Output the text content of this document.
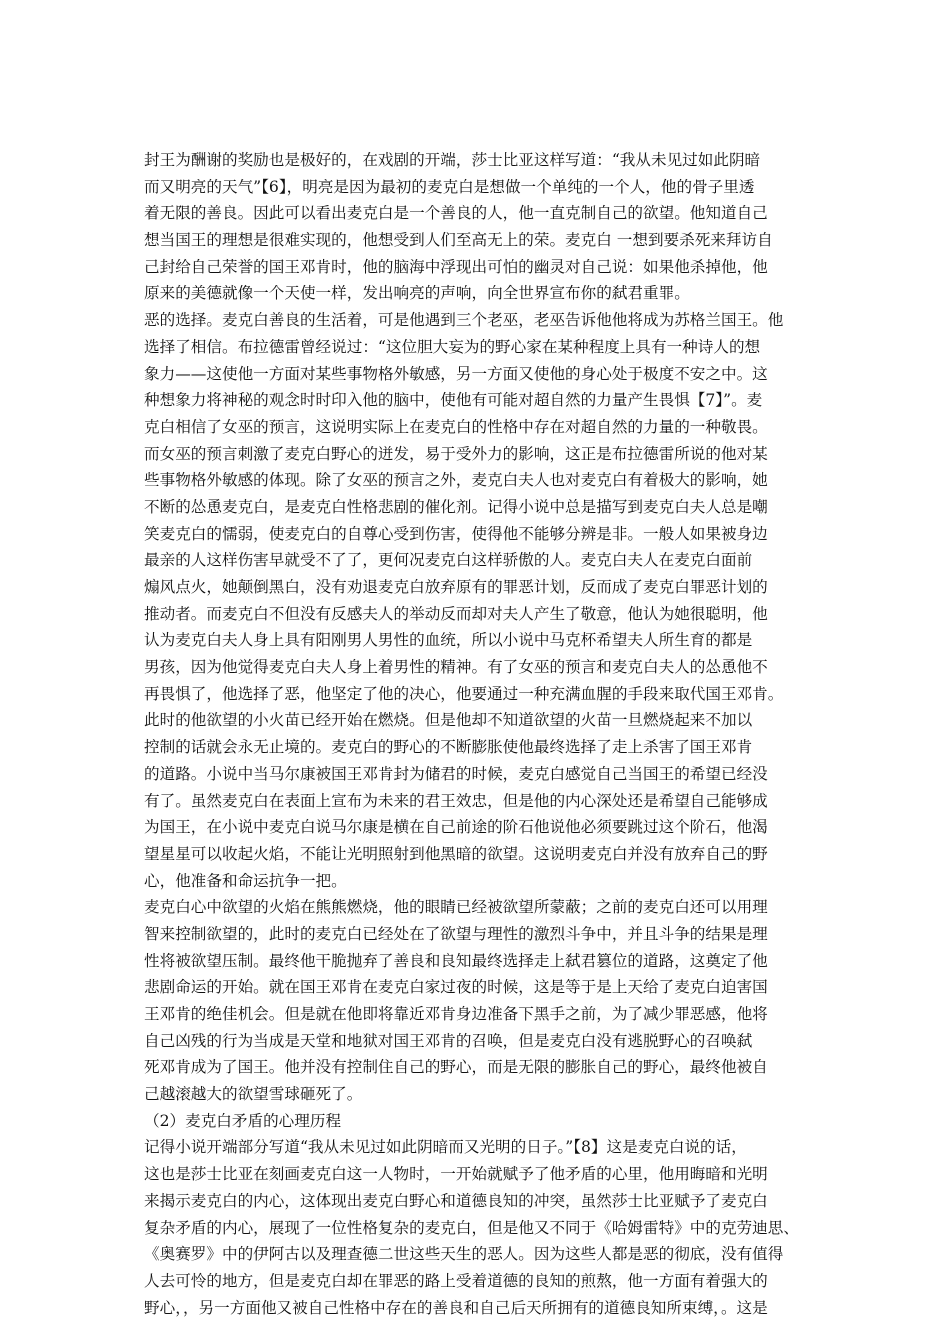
封王为酬谢的奖励也是极好的，在戏剧的开端，莎士比亚这样写道：“我从未见过如此阴暗
而又明亮的天气”【6】，明亮是因为最初的麦克白是想做一个单纯的一个人，他的骨子里透
着无限的善良。因此可以看出麦克白是一个善良的人，他一直克制自己的欲望。他知道自己
想当国王的理想是很难实现的，他想受到人们至高无上的荣。麦克白 一想到要杀死来拜访自
己封给自己荣誉的国王邓肯时，他的脑海中浮现出可怕的幽灵对自己说：如果他杀掉他，他
原来的美德就像一个天使一样，发出响亮的声响，向全世界宣布你的弑君重罪。
恶的选择。麦克白善良的生活着，可是他遇到三个老巫，老巫告诉他他将成为苏格兰国王。他
选择了相信。布拉德雷曾经说过：“这位胆大妄为的野心家在某种程度上具有一种诗人的想
象力——这使他一方面对某些事物格外敏感，另一方面又使他的身心处于极度不安之中。这
种想象力将神秘的观念时时印入他的脑中，使他有可能对超自然的力量产生畏惧【7】”。麦
克白相信了女巫的预言，这说明实际上在麦克白的性格中存在对超自然的力量的一种敬畏。
而女巫的预言刺激了麦克白野心的迸发，易于受外力的影响，这正是布拉德雷所说的他对某
些事物格外敏感的体现。除了女巫的预言之外，麦克白夫人也对麦克白有着极大的影响，她
不断的怂恿麦克白，是麦克白性格悲剧的催化剂。记得小说中总是描写到麦克白夫人总是嘲
笑麦克白的懦弱，使麦克白的自尊心受到伤害，使得他不能够分辨是非。一般人如果被身边
最亲的人这样伤害早就受不了了，更何况麦克白这样骄傲的人。麦克白夫人在麦克白面前
煽风点火，她颠倒黑白，没有劝退麦克白放弃原有的罪恶计划，反而成了麦克白罪恶计划的
推动者。而麦克白不但没有反感夫人的举动反而却对夫人产生了敬意，他认为她很聪明，他
认为麦克白夫人身上具有阳刚男人男性的血统，所以小说中马克杯希望夫人所生育的都是
男孩，因为他觉得麦克白夫人身上着男性的精神。有了女巫的预言和麦克白夫人的怂恿他不
再畏惧了，他选择了恶，他坚定了他的决心，他要通过一种充满血腥的手段来取代国王邓肯。
此时的他欲望的小火苗已经开始在燃烧。但是他却不知道欲望的火苗一旦燃烧起来不加以
控制的话就会永无止境的。麦克白的野心的不断膨胀使他最终选择了走上杀害了国王邓肯
的道路。小说中当马尔康被国王邓肯封为储君的时候，麦克白感觉自己当国王的希望已经没
有了。虽然麦克白在表面上宣布为未来的君王效忠，但是他的内心深处还是希望自己能够成
为国王，在小说中麦克白说马尔康是横在自己前途的阶石他说他必须要跳过这个阶石，他渴
望星星可以收起火焰，不能让光明照射到他黑暗的欲望。这说明麦克白并没有放弃自己的野
心，他准备和命运抗争一把。
麦克白心中欲望的火焰在熊熊燃烧，他的眼睛已经被欲望所蒙蔽；之前的麦克白还可以用理
智来控制欲望的，此时的麦克白已经处在了欲望与理性的激烈斗争中，并且斗争的结果是理
性将被欲望压制。最终他干脆抛弃了善良和良知最终选择走上弑君篡位的道路，这奠定了他
悲剧命运的开始。就在国王邓肯在麦克白家过夜的时候，这是等于是上天给了麦克白迫害国
王邓肯的绝佳机会。但是就在他即将靠近邓肯身边准备下黑手之前，为了减少罪恶感，他将
自己凶残的行为当成是天堂和地狱对国王邓肯的召唤，但是麦克白没有逃脱野心的召唤弑
死邓肯成为了国王。他并没有控制住自己的野心，而是无限的膨胀自己的野心，最终他被自
己越滚越大的欲望雪球砸死了。
（2）麦克白矛盾的心理历程
记得小说开端部分写道“我从未见过如此阴暗而又光明的日子。”【8】这是麦克白说的话，
这也是莎士比亚在刻画麦克白这一人物时，一开始就赋予了他矛盾的心里，他用晦暗和光明
来揭示麦克白的内心，这体现出麦克白野心和道德良知的冲突，虽然莎士比亚赋予了麦克白
复杂矛盾的内心，展现了一位性格复杂的麦克白，但是他又不同于《哈姆雷特》中的克劳迪思、
《奥赛罗》中的伊阿古以及理查德二世这些天生的恶人。因为这些人都是恶的彻底，没有值得
人去可怜的地方，但是麦克白却在罪恶的路上受着道德的良知的煎熬，他一方面有着强大的
野心，，另一方面他又被自己性格中存在的善良和自己后天所拥有的道德良知所束缚，。这是
